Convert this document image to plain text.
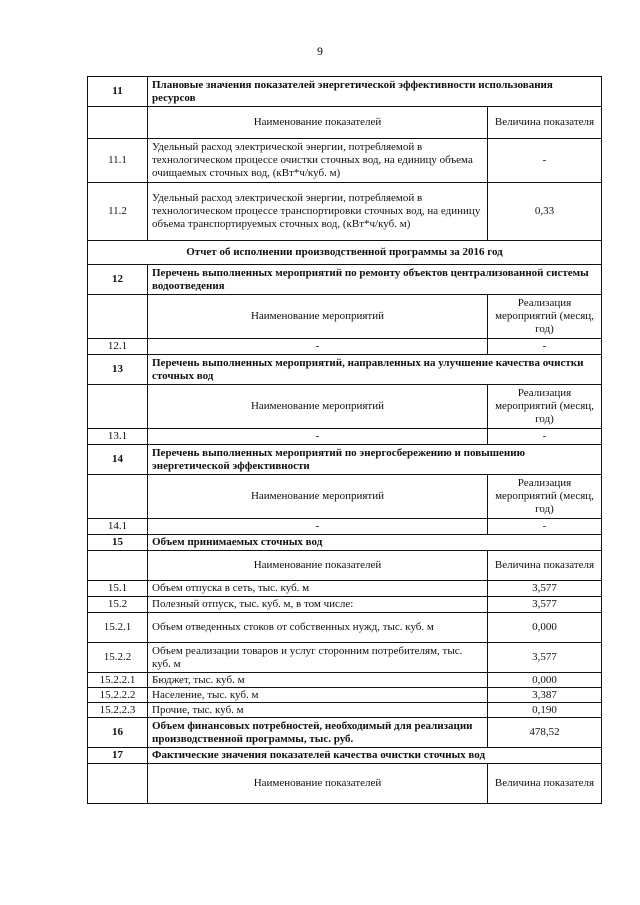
9
11	Плановые значения показателей энергетической эффективности использования ресурсов	
	Наименование показателей	Величина показателя
11.1	Удельный расход электрической энергии, потребляемой в технологическом процессе очистки сточных вод, на единицу объема очищаемых сточных вод, (кВт*ч/куб. м)	-
11.2	Удельный расход электрической энергии, потребляемой в технологическом процессе транспортировки сточных вод, на единицу объема транспортируемых сточных вод, (кВт*ч/куб. м)	0,33
Отчет об исполнении производственной программы за 2016 год		
12	Перечень выполненных мероприятий по ремонту объектов централизованной системы водоотведения	
	Наименование мероприятий	Реализация мероприятий (месяц, год)
12.1	-	-
13	Перечень выполненных мероприятий, направленных на улучшение качества очистки сточных вод	
	Наименование мероприятий	Реализация мероприятий (месяц, год)
13.1	-	-
14	Перечень выполненных мероприятий по энергосбережению и повышению энергетической эффективности	
	Наименование мероприятий	Реализация мероприятий (месяц, год)
14.1	-	-
15	Объем принимаемых сточных вод	
	Наименование показателей	Величина показателя
15.1	Объем отпуска в сеть, тыс. куб. м	3,577
15.2	Полезный отпуск, тыс. куб. м, в том числе:	3,577
15.2.1	Объем отведенных стоков от собственных нужд, тыс. куб. м	0,000
15.2.2	Объем реализации товаров и услуг сторонним потребителям, тыс. куб. м	3,577
15.2.2.1	Бюджет, тыс. куб. м	0,000
15.2.2.2	Население, тыс. куб. м	3,387
15.2.2.3	Прочие, тыс. куб. м	0,190
16	Объем финансовых потребностей, необходимый для реализации производственной программы, тыс. руб.	478,52
17	Фактические значения показателей качества очистки сточных вод	
	Наименование показателей	Величина показателя
